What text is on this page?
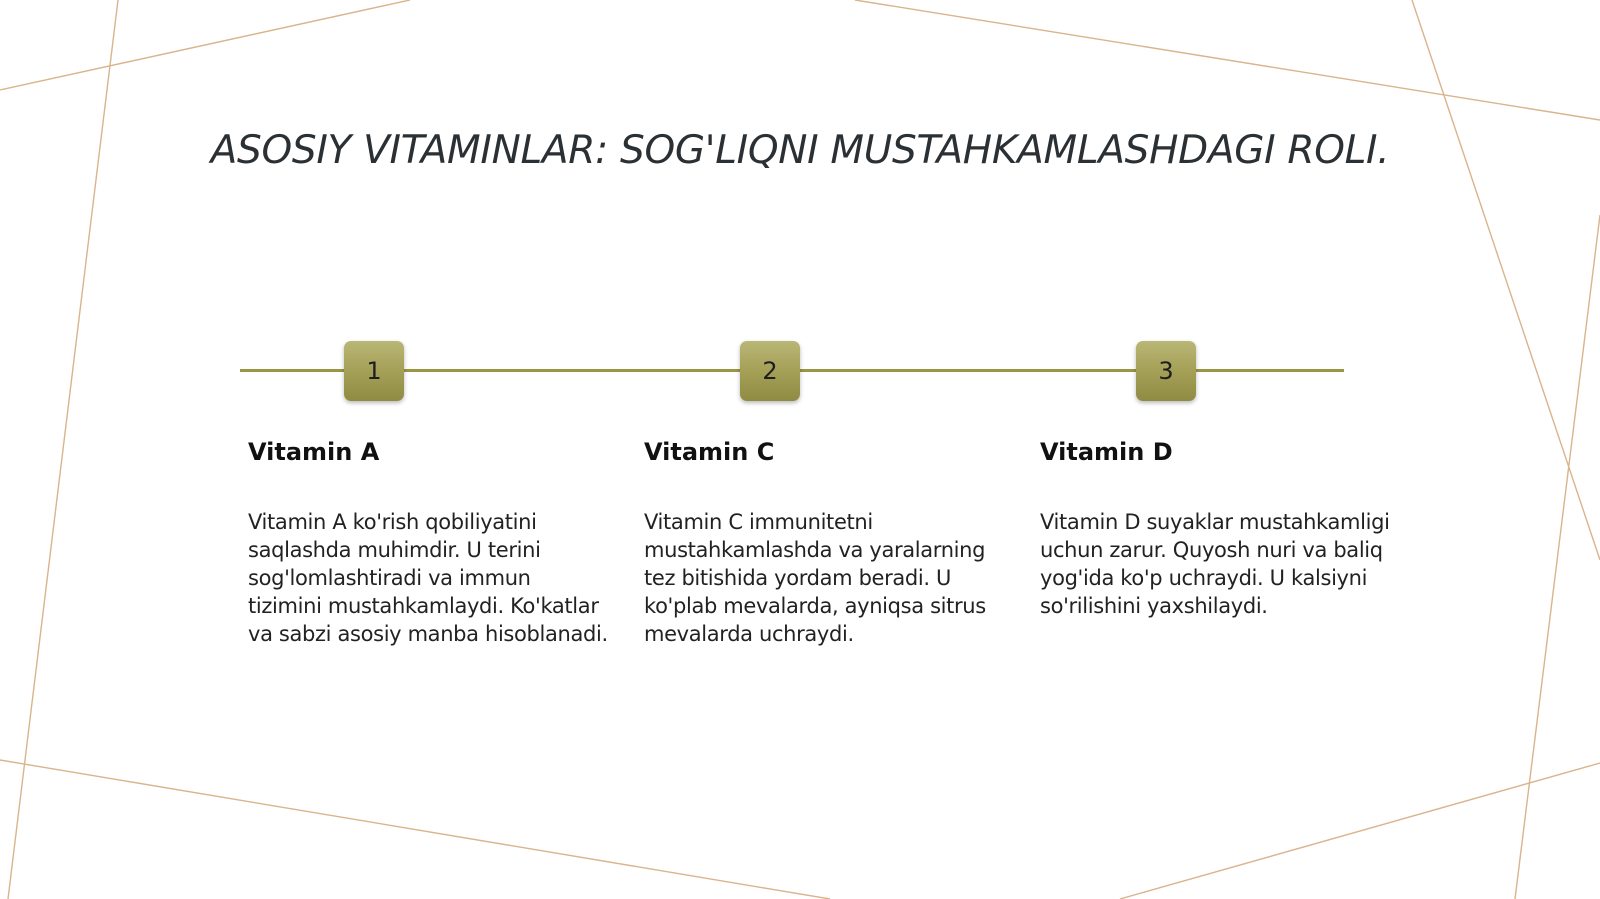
ASOSIY VITAMINLAR: SOG'LIQNI MUSTAHKAMLASHDAGI ROLI.
1	2	3
Vitamin A

Vitamin A ko'rish qobiliyatini saqlashda muhimdir. U terini sog'lomlashtiradi va immun tizimini mustahkamlaydi. Ko'katlar va sabzi asosiy manba hisoblanadi.

Vitamin C

Vitamin C immunitetni mustahkamlashda va yaralarning tez bitishida yordam beradi. U ko'plab mevalarda, ayniqsa sitrus mevalarda uchraydi.

Vitamin D

Vitamin D suyaklar mustahkamligi uchun zarur. Quyosh nuri va baliq yog'ida ko'p uchraydi. U kalsiyni so'rilishini yaxshilaydi.
